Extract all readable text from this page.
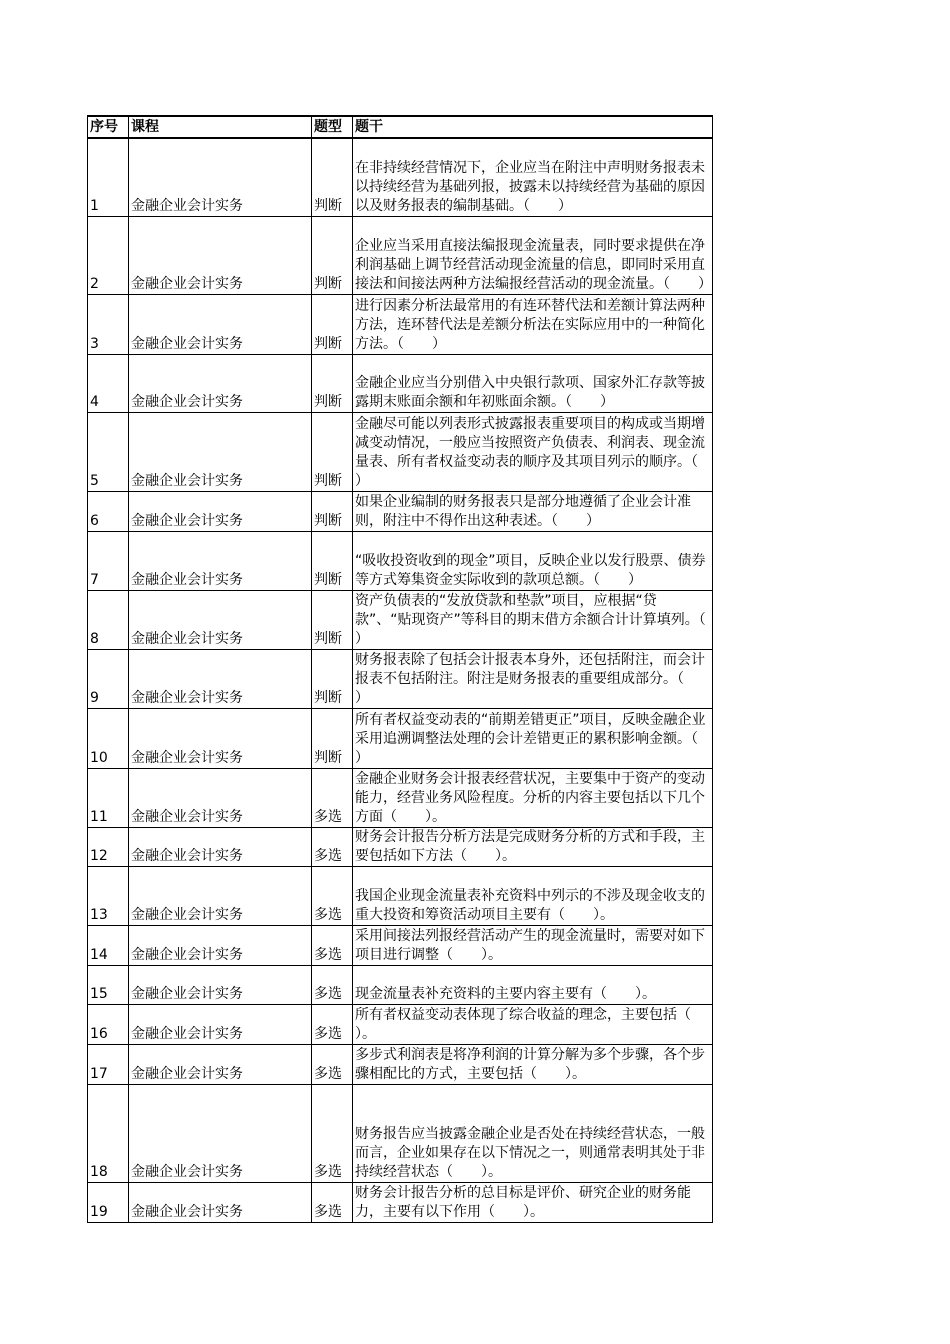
序号	课程	题型	题干
1	金融企业会计实务	判断	在非持续经营情况下，企业应当在附注中声明财务报表未以持续经营为基础列报，披露未以持续经营为基础的原因以及财务报表的编制基础。（　　）
2	金融企业会计实务	判断	企业应当采用直接法编报现金流量表，同时要求提供在净利润基础上调节经营活动现金流量的信息，即同时采用直接法和间接法两种方法编报经营活动的现金流量。（　　）
3	金融企业会计实务	判断	进行因素分析法最常用的有连环替代法和差额计算法两种方法，连环替代法是差额分析法在实际应用中的一种简化方法。（　　）
4	金融企业会计实务	判断	金融企业应当分别借入中央银行款项、国家外汇存款等披露期末账面余额和年初账面余额。（　　）
5	金融企业会计实务	判断	金融尽可能以列表形式披露报表重要项目的构成或当期增减变动情况，一般应当按照资产负债表、利润表、现金流量表、所有者权益变动表的顺序及其项目列示的顺序。（　　）
6	金融企业会计实务	判断	如果企业编制的财务报表只是部分地遵循了企业会计准则，附注中不得作出这种表述。（　　）
7	金融企业会计实务	判断	“吸收投资收到的现金”项目，反映企业以发行股票、债券等方式筹集资金实际收到的款项总额。（　　）
8	金融企业会计实务	判断	资产负债表的“发放贷款和垫款”项目，应根据“贷款”、“贴现资产”等科目的期末借方余额合计计算填列。（　　）
9	金融企业会计实务	判断	财务报表除了包括会计报表本身外，还包括附注，而会计报表不包括附注。附注是财务报表的重要组成部分。（　　）
10	金融企业会计实务	判断	所有者权益变动表的“前期差错更正”项目，反映金融企业采用追溯调整法处理的会计差错更正的累积影响金额。（　　）
11	金融企业会计实务	多选	金融企业财务会计报表经营状况，主要集中于资产的变动能力，经营业务风险程度。分析的内容主要包括以下几个方面（　　）。
12	金融企业会计实务	多选	财务会计报告分析方法是完成财务分析的方式和手段，主要包括如下方法（　　）。
13	金融企业会计实务	多选	我国企业现金流量表补充资料中列示的不涉及现金收支的重大投资和筹资活动项目主要有（　　）。
14	金融企业会计实务	多选	采用间接法列报经营活动产生的现金流量时，需要对如下项目进行调整（　　）。
15	金融企业会计实务	多选	现金流量表补充资料的主要内容主要有（　　）。
16	金融企业会计实务	多选	所有者权益变动表体现了综合收益的理念，主要包括（　　）。
17	金融企业会计实务	多选	多步式利润表是将净利润的计算分解为多个步骤，各个步骤相配比的方式，主要包括（　　）。
18	金融企业会计实务	多选	财务报告应当披露金融企业是否处在持续经营状态，一般而言，企业如果存在以下情况之一，则通常表明其处于非持续经营状态（　　）。
19	金融企业会计实务	多选	财务会计报告分析的总目标是评价、研究企业的财务能力，主要有以下作用（　　）。
